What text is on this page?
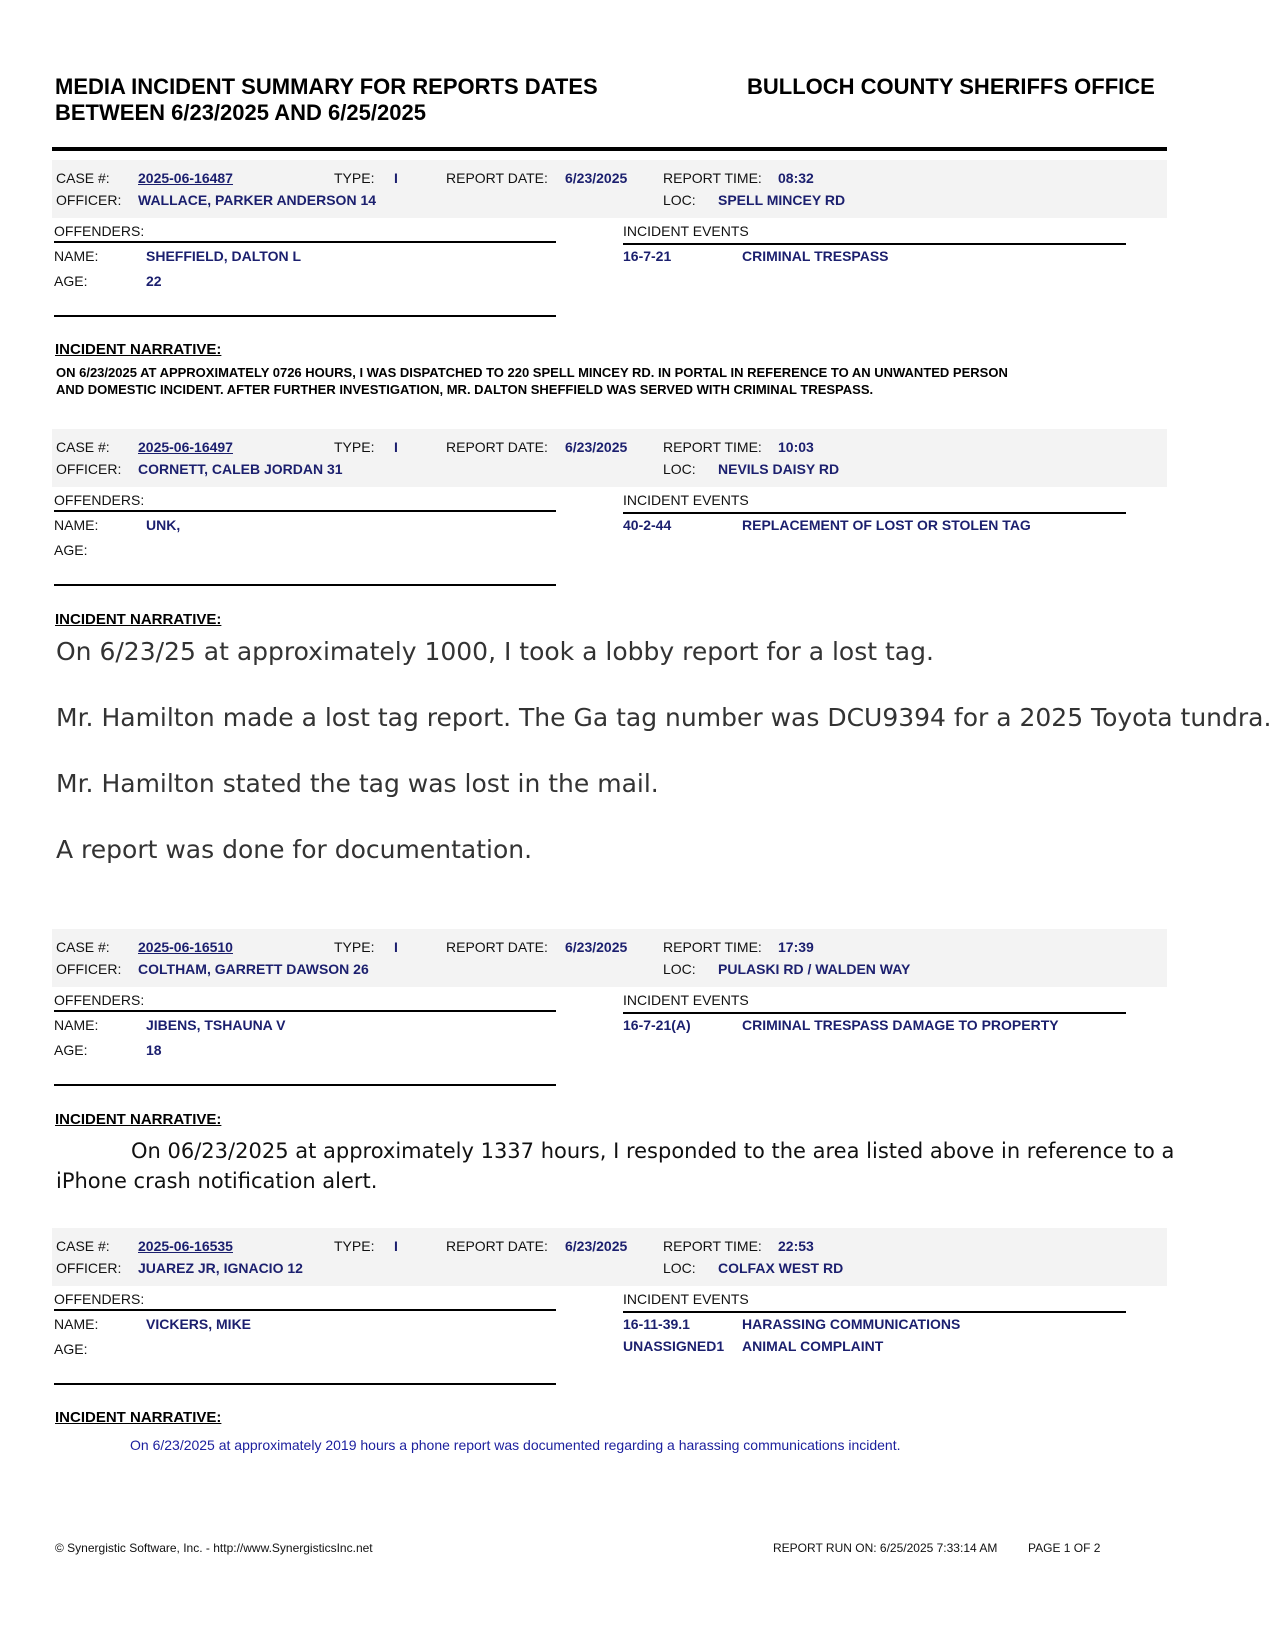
MEDIA INCIDENT SUMMARY FOR REPORTS DATES
BETWEEN 6/23/2025 AND 6/25/2025
BULLOCH COUNTY SHERIFFS OFFICE
CASE #: 2025-06-16487	TYPE: I	REPORT DATE: 6/23/2025	REPORT TIME: 08:32
OFFICER: WALLACE, PARKER ANDERSON 14	LOC: SPELL MINCEY RD
OFFENDERS:	INCIDENT EVENTS
NAME:	SHEFFIELD, DALTON L
AGE:	22
16-7-21	CRIMINAL TRESPASS
INCIDENT NARRATIVE:
ON 6/23/2025 AT APPROXIMATELY 0726 HOURS, I WAS DISPATCHED TO 220 SPELL MINCEY RD. IN PORTAL IN REFERENCE TO AN UNWANTED PERSON
AND DOMESTIC INCIDENT. AFTER FURTHER INVESTIGATION, MR. DALTON SHEFFIELD WAS SERVED WITH CRIMINAL TRESPASS.
CASE #: 2025-06-16497	TYPE: I	REPORT DATE: 6/23/2025	REPORT TIME: 10:03
OFFICER: CORNETT, CALEB JORDAN 31	LOC: NEVILS DAISY RD
OFFENDERS:	INCIDENT EVENTS
NAME:	UNK,
AGE:
40-2-44	REPLACEMENT OF LOST OR STOLEN TAG
INCIDENT NARRATIVE:
On 6/23/25 at approximately 1000, I took a lobby report for a lost tag.
Mr. Hamilton made a lost tag report. The Ga tag number was DCU9394 for a 2025 Toyota tundra.
Mr. Hamilton stated the tag was lost in the mail.
A report was done for documentation.
CASE #: 2025-06-16510	TYPE: I	REPORT DATE: 6/23/2025	REPORT TIME: 17:39
OFFICER: COLTHAM, GARRETT DAWSON 26	LOC: PULASKI RD / WALDEN WAY
OFFENDERS:	INCIDENT EVENTS
NAME:	JIBENS, TSHAUNA V
AGE:	18
16-7-21(A)	CRIMINAL TRESPASS DAMAGE TO PROPERTY
INCIDENT NARRATIVE:
On 06/23/2025 at approximately 1337 hours, I responded to the area listed above in reference to a
iPhone crash notification alert.
CASE #: 2025-06-16535	TYPE: I	REPORT DATE: 6/23/2025	REPORT TIME: 22:53
OFFICER: JUAREZ JR, IGNACIO 12	LOC: COLFAX WEST RD
OFFENDERS:	INCIDENT EVENTS
NAME:	VICKERS, MIKE
AGE:
16-11-39.1	HARASSING COMMUNICATIONS
UNASSIGNED1 ANIMAL COMPLAINT
INCIDENT NARRATIVE:
On 6/23/2025 at approximately 2019 hours a phone report was documented regarding a harassing communications incident.
© Synergistic Software, Inc. - http://www.SynergisticsInc.net	REPORT RUN ON: 6/25/2025 7:33:14 AM	PAGE 1 OF 2
